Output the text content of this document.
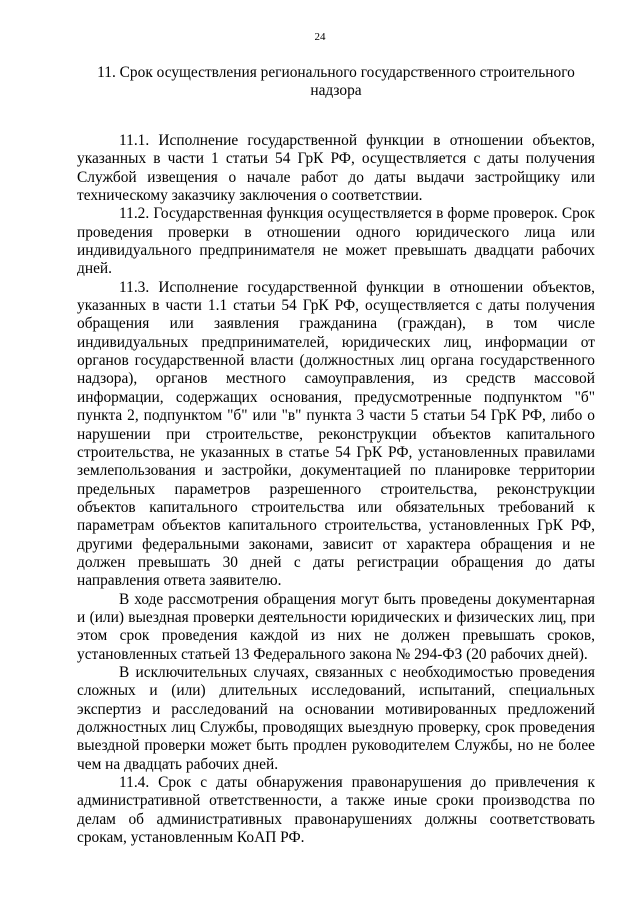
24
11. Срок осуществления регионального государственного строительного надзора

11.1. Исполнение государственной функции в отношении объектов, указанных в части 1 статьи 54 ГрК РФ, осуществляется с даты получения Службой извещения о начале работ до даты выдачи застройщику или техническому заказчику заключения о соответствии.

11.2. Государственная функция осуществляется в форме проверок. Срок проведения проверки в отношении одного юридического лица или индивидуального предпринимателя не может превышать двадцати рабочих дней.

11.3. Исполнение государственной функции в отношении объектов, указанных в части 1.1 статьи 54 ГрК РФ, осуществляется с даты получения обращения или заявления гражданина (граждан), в том числе индивидуальных предпринимателей, юридических лиц, информации от органов государственной власти (должностных лиц органа государственного надзора), органов местного самоуправления, из средств массовой информации, содержащих основания, предусмотренные подпунктом "б" пункта 2, подпунктом "б" или "в" пункта 3 части 5 статьи 54 ГрК РФ, либо о нарушении при строительстве, реконструкции объектов капитального строительства, не указанных в статье 54 ГрК РФ, установленных правилами землепользования и застройки, документацией по планировке территории предельных параметров разрешенного строительства, реконструкции объектов капитального строительства или обязательных требований к параметрам объектов капитального строительства, установленных ГрК РФ, другими федеральными законами, зависит от характера обращения и не должен превышать 30 дней с даты регистрации обращения до даты направления ответа заявителю.

В ходе рассмотрения обращения могут быть проведены документарная и (или) выездная проверки деятельности юридических и физических лиц, при этом срок проведения каждой из них не должен превышать сроков, установленных статьей 13 Федерального закона № 294-ФЗ (20 рабочих дней).

В исключительных случаях, связанных с необходимостью проведения сложных и (или) длительных исследований, испытаний, специальных экспертиз и расследований на основании мотивированных предложений должностных лиц Службы, проводящих выездную проверку, срок проведения выездной проверки может быть продлен руководителем Службы, но не более чем на двадцать рабочих дней.

11.4. Срок с даты обнаружения правонарушения до привлечения к административной ответственности, а также иные сроки производства по делам об административных правонарушениях должны соответствовать срокам, установленным КоАП РФ.
